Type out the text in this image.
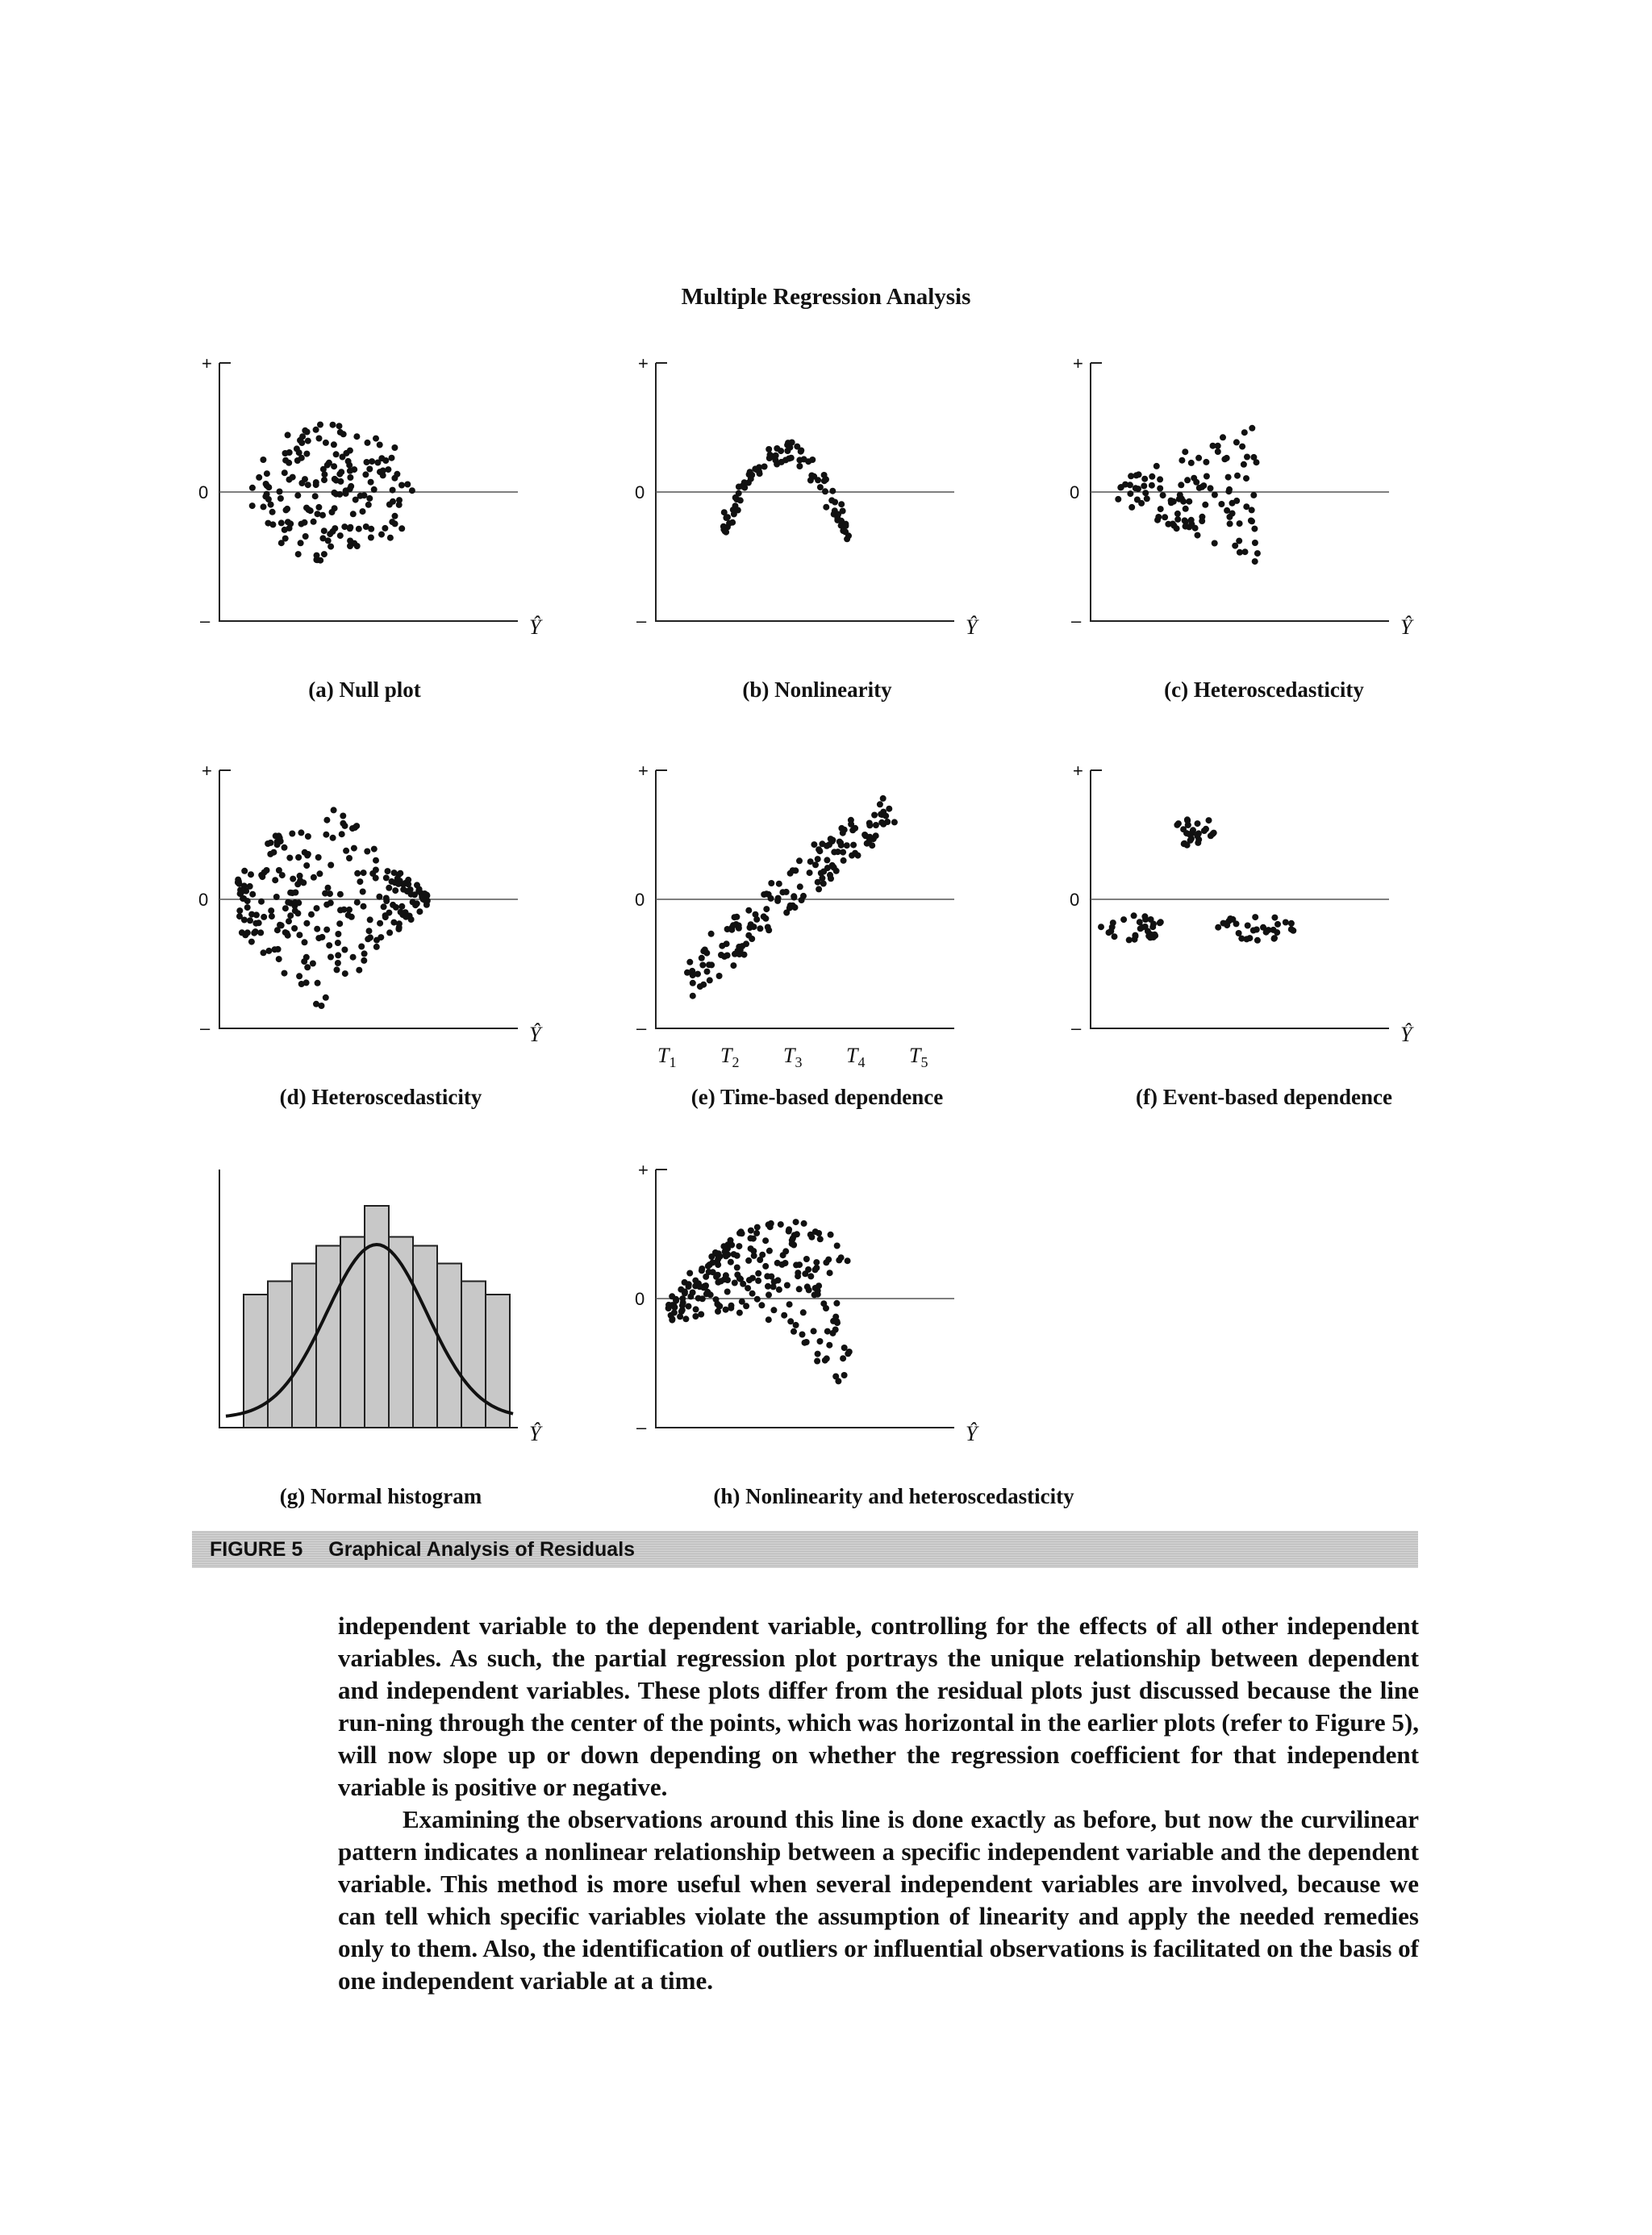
Multiple Regression Analysis
+
–
0
Ŷ
(a) Null plot
+
–
0
Ŷ
(b) Nonlinearity
+
–
0
Ŷ
(c) Heteroscedasticity
+
–
0
Ŷ
(d) Heteroscedasticity
+
–
0
$T_1$ $T_2$ $T_3$ $T_4$ $T_5$
(e) Time-based dependence
+
–
0
Ŷ
(f) Event-based dependence
Ŷ
(g) Normal histogram
+
–
0
Ŷ
(h) Nonlinearity and heteroscedasticity
FIGURE 5 Graphical Analysis of Residuals

independent variable to the dependent variable, controlling for the effects of all other independent variables. As such, the partial regression plot portrays the unique relationship between dependent and independent variables. These plots differ from the residual plots just discussed because the line run-ning through the center of the points, which was horizontal in the earlier plots (refer to Figure 5), will now slope up or down depending on whether the regression coefficient for that independent variable is positive or negative.

Examining the observations around this line is done exactly as before, but now the curvilinear pattern indicates a nonlinear relationship between a specific independent variable and the dependent variable. This method is more useful when several independent variables are involved, because we can tell which specific variables violate the assumption of linearity and apply the needed remedies only to them. Also, the identification of outliers or influential observations is facilitated on the basis of one independent variable at a time.
